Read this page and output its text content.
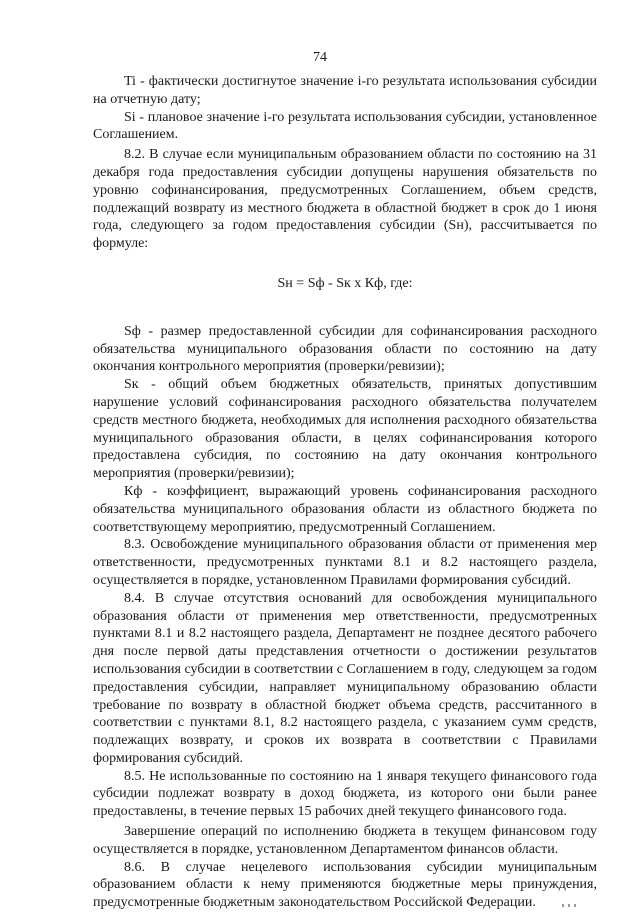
74

Ti - фактически достигнутое значение i-го результата использования субсидии на отчетную дату;

Si - плановое значение i-го результата использования субсидии, установленное Соглашением.

8.2. В случае если муниципальным образованием области по состоянию на 31 декабря года предоставления субсидии допущены нарушения обязательств по уровню софинансирования, предусмотренных Соглашением, объем средств, подлежащий возврату из местного бюджета в областной бюджет в срок до 1 июня года, следующего за годом предоставления субсидии (Sн), рассчитывается по формуле:

Sн = Sф - Sк x Кф, где:

Sф - размер предоставленной субсидии для софинансирования расходного обязательства муниципального образования области по состоянию на дату окончания контрольного мероприятия (проверки/ревизии);

Sк - общий объем бюджетных обязательств, принятых допустившим нарушение условий софинансирования расходного обязательства получателем средств местного бюджета, необходимых для исполнения расходного обязательства муниципального образования области, в целях софинансирования которого предоставлена субсидия, по состоянию на дату окончания контрольного мероприятия (проверки/ревизии);

Кф - коэффициент, выражающий уровень софинансирования расходного обязательства муниципального образования области из областного бюджета по соответствующему мероприятию, предусмотренный Соглашением.

8.3. Освобождение муниципального образования области от применения мер ответственности, предусмотренных пунктами 8.1 и 8.2 настоящего раздела, осуществляется в порядке, установленном Правилами формирования субсидий.

8.4. В случае отсутствия оснований для освобождения муниципального образования области от применения мер ответственности, предусмотренных пунктами 8.1 и 8.2 настоящего раздела, Департамент не позднее десятого рабочего дня после первой даты представления отчетности о достижении результатов использования субсидии в соответствии с Соглашением в году, следующем за годом предоставления субсидии, направляет муниципальному образованию области требование по возврату в областной бюджет объема средств, рассчитанного в соответствии с пунктами 8.1, 8.2 настоящего раздела, с указанием сумм средств, подлежащих возврату, и сроков их возврата в соответствии с Правилами формирования субсидий.

8.5. Не использованные по состоянию на 1 января текущего финансового года субсидии подлежат возврату в доход бюджета, из которого они были ранее предоставлены, в течение первых 15 рабочих дней текущего финансового года.

Завершение операций по исполнению бюджета в текущем финансовом году осуществляется в порядке, установленном Департаментом финансов области.

8.6. В случае нецелевого использования субсидии муниципальным образованием области к нему применяются бюджетные меры принуждения, предусмотренные бюджетным законодательством Российской Федерации.
